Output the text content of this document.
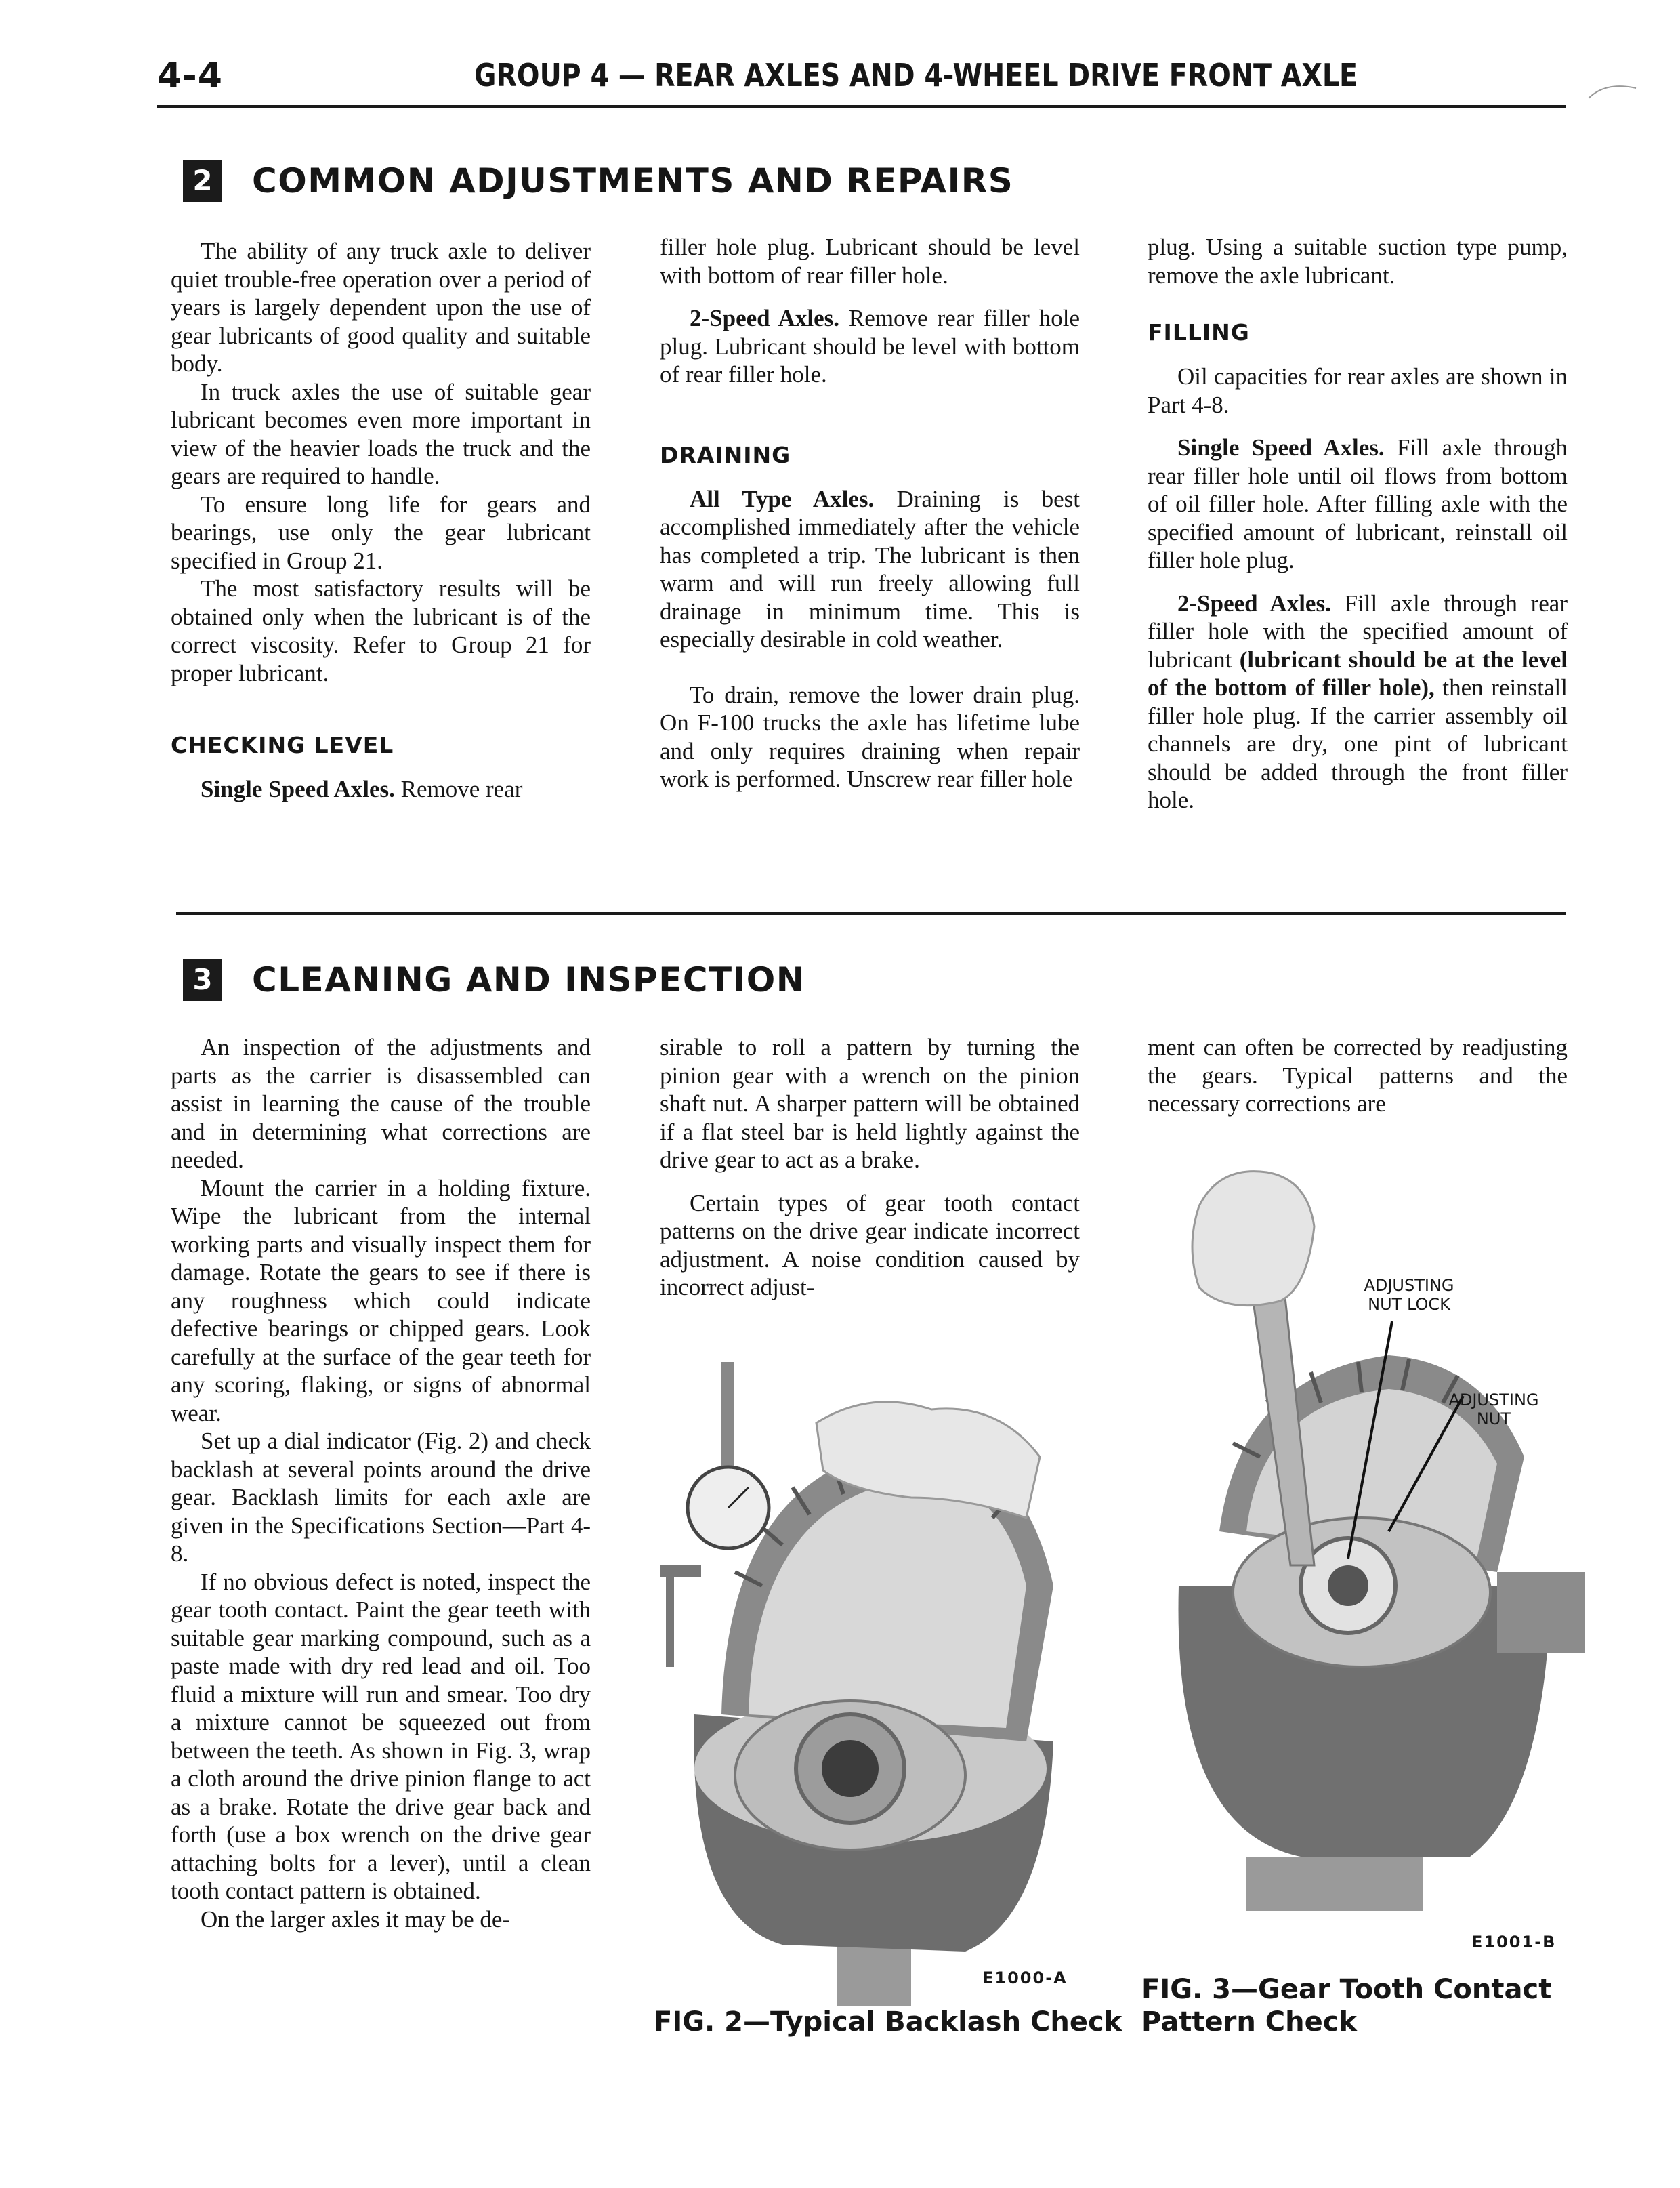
4-4	GROUP 4 — REAR AXLES AND 4-WHEEL DRIVE FRONT AXLE
2 COMMON ADJUSTMENTS AND REPAIRS

The ability of any truck axle to deliver quiet trouble-free operation over a period of years is largely dependent upon the use of gear lubricants of good quality and suitable body.

In truck axles the use of suitable gear lubricant becomes even more important in view of the heavier loads the truck and the gears are required to handle.

To ensure long life for gears and bearings, use only the gear lubricant specified in Group 21.

The most satisfactory results will be obtained only when the lubricant is of the correct viscosity. Refer to Group 21 for proper lubricant.

CHECKING LEVEL

Single Speed Axles. Remove rear

filler hole plug. Lubricant should be level with bottom of rear filler hole.

2-Speed Axles. Remove rear filler hole plug. Lubricant should be level with bottom of rear filler hole.

DRAINING

All Type Axles. Draining is best accomplished immediately after the vehicle has completed a trip. The lubricant is then warm and will run freely allowing full drainage in minimum time. This is especially desirable in cold weather.

To drain, remove the lower drain plug. On F-100 trucks the axle has lifetime lube and only requires draining when repair work is performed. Unscrew rear filler hole

plug. Using a suitable suction type pump, remove the axle lubricant.

FILLING

Oil capacities for rear axles are shown in Part 4-8.

Single Speed Axles. Fill axle through rear filler hole until oil flows from bottom of oil filler hole. After filling axle with the specified amount of lubricant, reinstall oil filler hole plug.

2-Speed Axles. Fill axle through rear filler hole with the specified amount of lubricant (lubricant should be at the level of the bottom of filler hole), then reinstall filler hole plug. If the carrier assembly oil channels are dry, one pint of lubricant should be added through the front filler hole.

3 CLEANING AND INSPECTION

An inspection of the adjustments and parts as the carrier is disassembled can assist in learning the cause of the trouble and in determining what corrections are needed.

Mount the carrier in a holding fixture. Wipe the lubricant from the internal working parts and visually inspect them for damage. Rotate the gears to see if there is any roughness which could indicate defective bearings or chipped gears. Look carefully at the surface of the gear teeth for any scoring, flaking, or signs of abnormal wear.

Set up a dial indicator (Fig. 2) and check backlash at several points around the drive gear. Backlash limits for each axle are given in the Specifications Section—Part 4-8.

If no obvious defect is noted, inspect the gear tooth contact. Paint the gear teeth with suitable gear marking compound, such as a paste made with dry red lead and oil. Too fluid a mixture will run and smear. Too dry a mixture cannot be squeezed out from between the teeth. As shown in Fig. 3, wrap a cloth around the drive pinion flange to act as a brake. Rotate the drive gear back and forth (use a box wrench on the drive gear attaching bolts for a lever), until a clean tooth contact pattern is obtained.

On the larger axles it may be de-

sirable to roll a pattern by turning the pinion gear with a wrench on the pinion shaft nut. A sharper pattern will be obtained if a flat steel bar is held lightly against the drive gear to act as a brake.

Certain types of gear tooth contact patterns on the drive gear indicate incorrect adjustment. A noise condition caused by incorrect adjust-

ment can often be corrected by readjusting the gears. Typical patterns and the necessary corrections are

E1000-A
FIG. 2—Typical Backlash Check
ADJUSTING
NUT LOCK
ADJUSTING
NUT
E1001-B
FIG. 3—Gear Tooth Contact
Pattern Check
